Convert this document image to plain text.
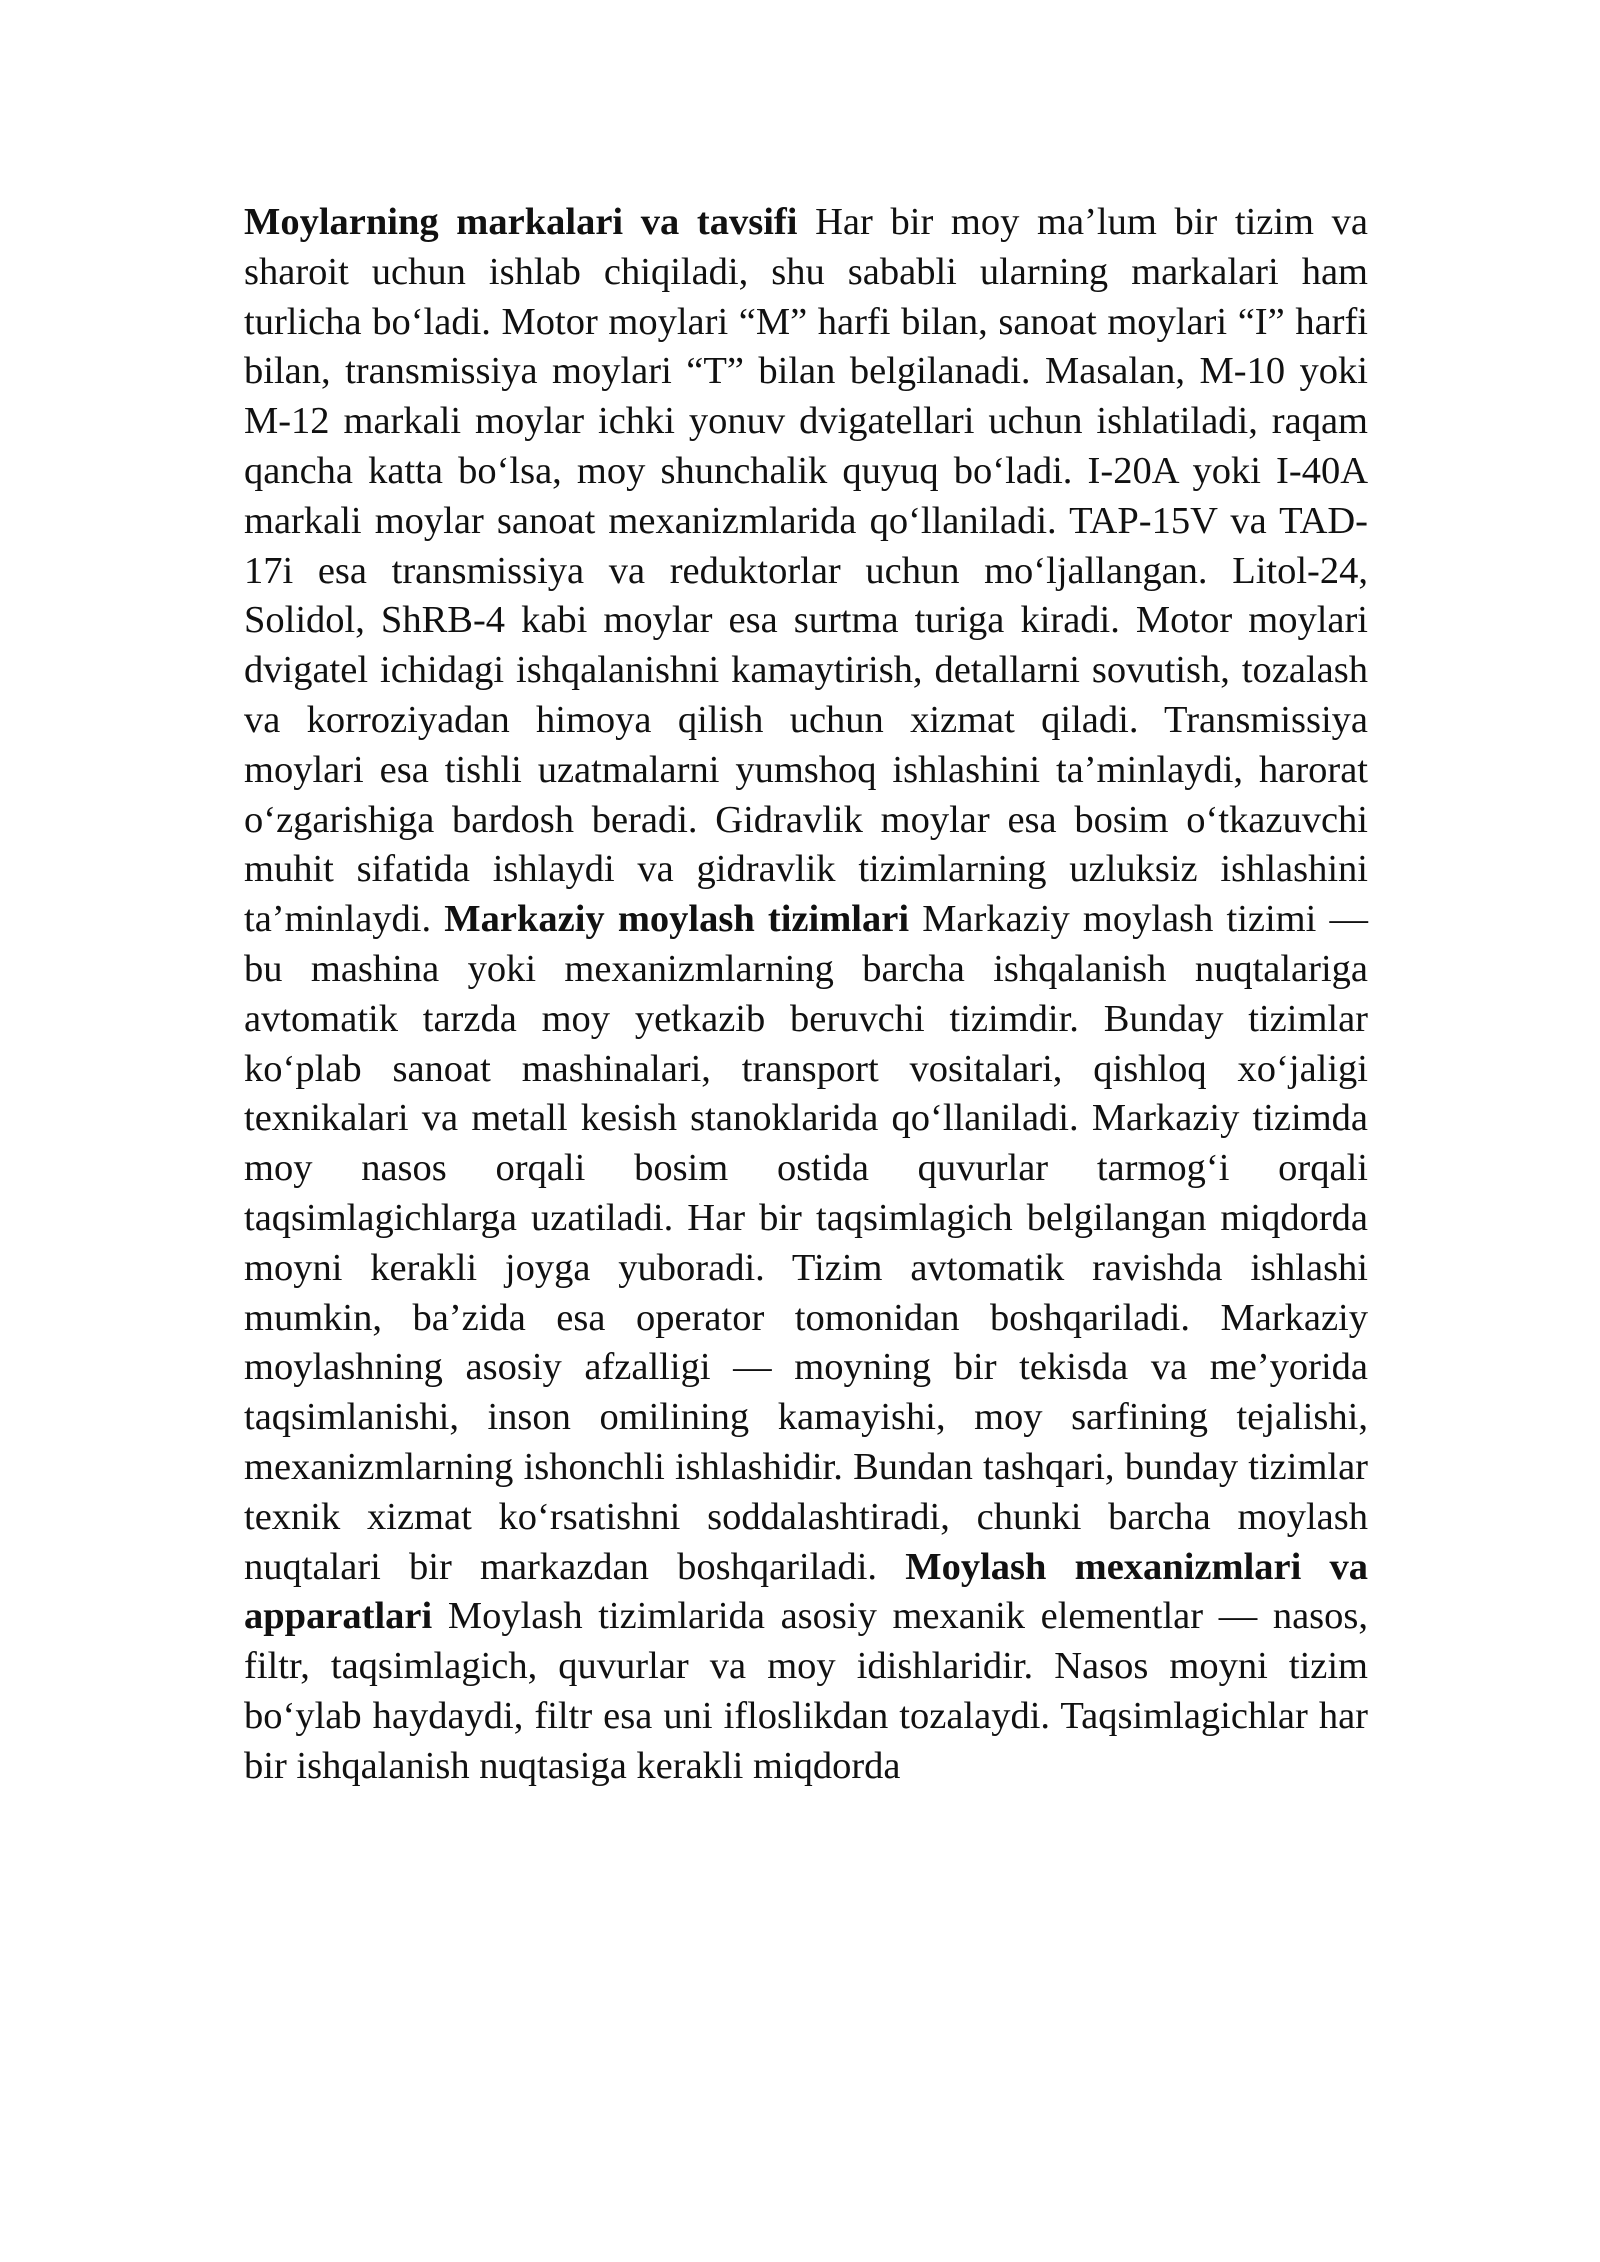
Moylarning markalari va tavsifi Har bir moy ma’lum bir tizim va sharoit uchun ishlab chiqiladi, shu sababli ularning markalari ham turlicha bo‘ladi. Motor moylari “M” harfi bilan, sanoat moylari “I” harfi bilan, transmissiya moylari “T” bilan belgilanadi. Masalan, M-10 yoki M-12 markali moylar ichki yonuv dvigatellari uchun ishlatiladi, raqam qancha katta bo‘lsa, moy shunchalik quyuq bo‘ladi. I-20A yoki I-40A markali moylar sanoat mexanizmlarida qo‘llaniladi. TAP-15V va TAD-17i esa transmissiya va reduktorlar uchun mo‘ljallangan. Litol-24, Solidol, ShRB-4 kabi moylar esa surtma turiga kiradi. Motor moylari dvigatel ichidagi ishqalanishni kamaytirish, detallarni sovutish, tozalash va korroziyadan himoya qilish uchun xizmat qiladi. Transmissiya moylari esa tishli uzatmalarni yumshoq ishlashini ta’minlaydi, harorat o‘zgarishiga bardosh beradi. Gidravlik moylar esa bosim o‘tkazuvchi muhit sifatida ishlaydi va gidravlik tizimlarning uzluksiz ishlashini ta’minlaydi. Markaziy moylash tizimlari Markaziy moylash tizimi — bu mashina yoki mexanizmlarning barcha ishqalanish nuqtalariga avtomatik tarzda moy yetkazib beruvchi tizimdir. Bunday tizimlar ko‘plab sanoat mashinalari, transport vositalari, qishloq xo‘jaligi texnikalari va metall kesish stanoklarida qo‘llaniladi. Markaziy tizimda moy nasos orqali bosim ostida quvurlar tarmog‘i orqali taqsimlagichlarga uzatiladi. Har bir taqsimlagich belgilangan miqdorda moyni kerakli joyga yuboradi. Tizim avtomatik ravishda ishlashi mumkin, ba’zida esa operator tomonidan boshqariladi. Markaziy moylashning asosiy afzalligi — moyning bir tekisda va me’yorida taqsimlanishi, inson omilining kamayishi, moy sarfining tejalishi, mexanizmlarning ishonchli ishlashidir. Bundan tashqari, bunday tizimlar texnik xizmat ko‘rsatishni soddalashtiradi, chunki barcha moylash nuqtalari bir markazdan boshqariladi. Moylash mexanizmlari va apparatlari Moylash tizimlarida asosiy mexanik elementlar — nasos, filtr, taqsimlagich, quvurlar va moy idishlaridir. Nasos moyni tizim bo‘ylab haydaydi, filtr esa uni ifloslikdan tozalaydi. Taqsimlagichlar har bir ishqalanish nuqtasiga kerakli miqdorda
